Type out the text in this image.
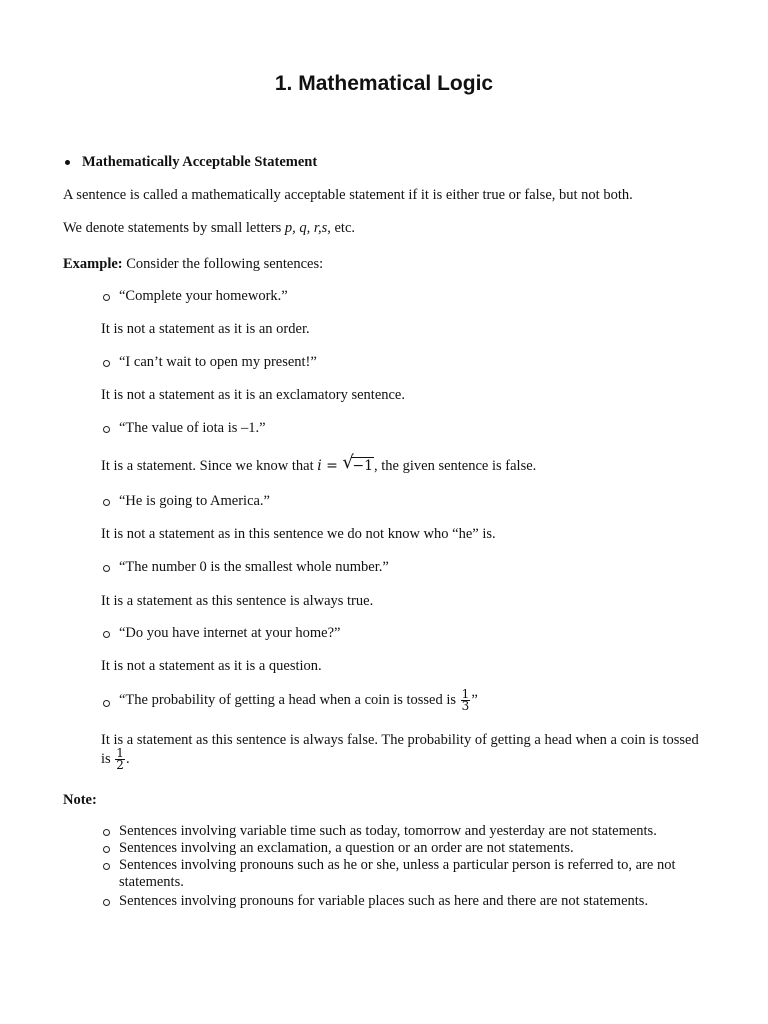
1. Mathematical Logic
Mathematically Acceptable Statement
A sentence is called a mathematically acceptable statement if it is either true or false, but not both.
We denote statements by small letters p, q, r,s, etc.
Example: Consider the following sentences:
“Complete your homework.”
It is not a statement as it is an order.
“I can’t wait to open my present!”
It is not a statement as it is an exclamatory sentence.
“The value of iota is –1.”
It is a statement. Since we know that i = √
−1, the given sentence is false.
“He is going to America.”
It is not a statement as in this sentence we do not know who “he” is.
“The number 0 is the smallest whole number.”
It is a statement as this sentence is always true.
“Do you have internet at your home?”
It is not a statement as it is a question.
“The probability of getting a head when a coin is tossed is $\frac{1}{3}$ ”
It is a statement as this sentence is always false. The probability of getting a head when a coin is tossed
is $\frac{1}{2}$ .
Note:
Sentences involving variable time such as today, tomorrow and yesterday are not statements.
Sentences involving an exclamation, a question or an order are not statements.
Sentences involving pronouns such as he or she, unless a particular person is referred to, are not
statements.
Sentences involving pronouns for variable places such as here and there are not statements.
